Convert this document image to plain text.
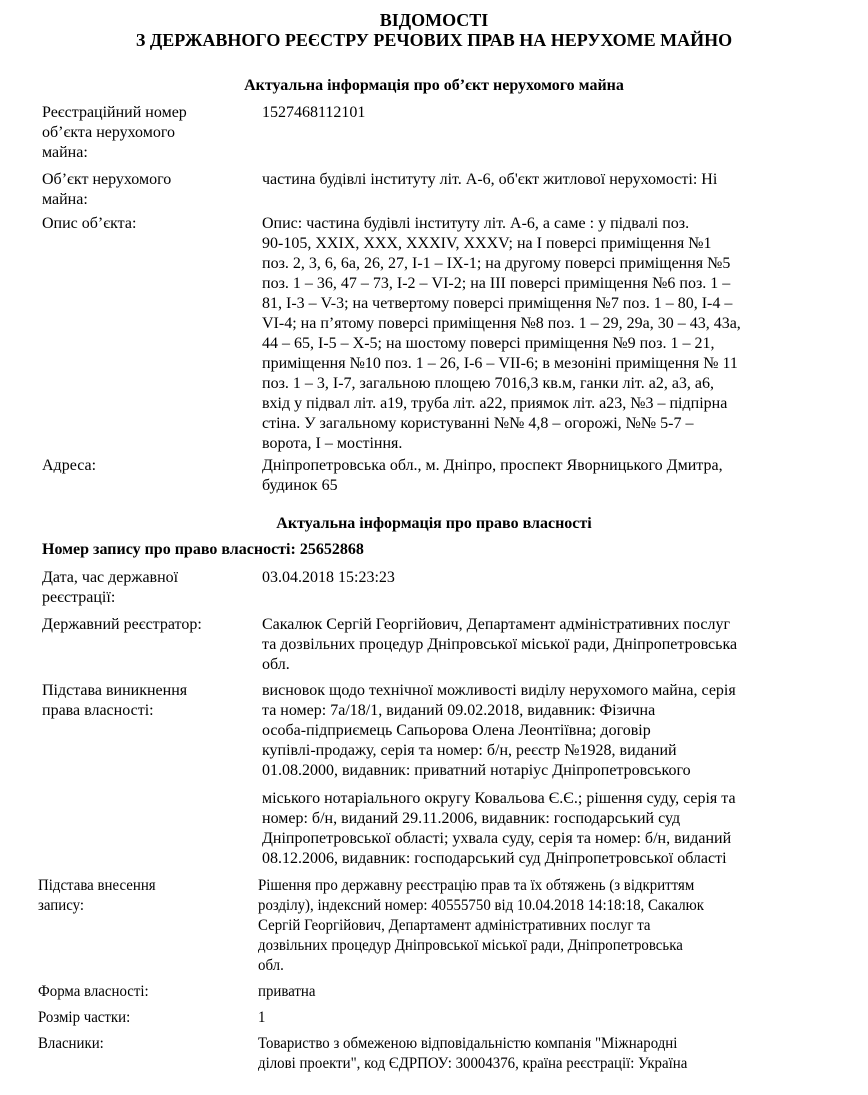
ВІДОМОСТІ
З ДЕРЖАВНОГО РЕЄСТРУ РЕЧОВИХ ПРАВ НА НЕРУХОМЕ МАЙНО
Актуальна інформація про об’єкт нерухомого майна
Реєстраційний номер
об’єкта нерухомого
майна:
1527468112101
Об’єкт нерухомого
майна:
частина будівлі інституту літ. А-6, об'єкт житлової нерухомості: Ні
Опис об’єкта:	Опис: частина будівлі інституту літ. А-6, а саме : у підвалі поз.
90-105, XXIX, XXX, XXXIV, XXXV; на І поверсі приміщення №1
поз. 2, 3, 6, 6а, 26, 27, І-1 – IX-1; на другому поверсі приміщення №5
поз. 1 – 36, 47 – 73, І-2 – VI-2; на ІІІ поверсі приміщення №6 поз. 1 –
81, І-3 – V-3; на четвертому поверсі приміщення №7 поз. 1 – 80, І-4 –
VI-4; на п’ятому поверсі приміщення №8 поз. 1 – 29, 29а, 30 – 43, 43а,
44 – 65, І-5 – X-5; на шостому поверсі приміщення №9 поз. 1 – 21,
приміщення №10 поз. 1 – 26, І-6 – VII-6; в мезоніні приміщення № 11
поз. 1 – 3, І-7, загальною площею 7016,3 кв.м, ганки літ. а2, а3, а6,
вхід у підвал літ. а19, труба літ. а22, приямок літ. а23, №3 – підпірна
стіна. У загальному користуванні №№ 4,8 – огорожі, №№ 5-7 –
ворота, І – мостіння.
Адреса:	Дніпропетровська обл., м. Дніпро, проспект Яворницького Дмитра,
будинок 65
Актуальна інформація про право власності
Номер запису про право власності: 25652868
Дата, час державної
реєстрації:
03.04.2018 15:23:23
Державний реєстратор:	Сакалюк Сергій Георгійович, Департамент адміністративних послуг
та дозвільних процедур Дніпровської міської ради, Дніпропетровська
обл.
Підстава виникнення
права власності:
висновок щодо технічної можливості виділу нерухомого майна, серія
та номер: 7а/18/1, виданий 09.02.2018, видавник: Фізична
особа-підприємець Сапьорова Олена Леонтіївна; договір
купівлі-продажу, серія та номер: б/н, реєстр №1928, виданий
01.08.2000, видавник: приватний нотаріус Дніпропетровського
міського нотаріального округу Ковальова Є.Є.; рішення суду, серія та
номер: б/н, виданий 29.11.2006, видавник: господарський суд
Дніпропетровської області; ухвала суду, серія та номер: б/н, виданий
08.12.2006, видавник: господарський суд Дніпропетровської області
Підстава внесення
запису:
Рішення про державну реєстрацію прав та їх обтяжень (з відкриттям
розділу), індексний номер: 40555750 від 10.04.2018 14:18:18, Сакалюк
Сергій Георгійович, Департамент адміністративних послуг та
дозвільних процедур Дніпровської міської ради, Дніпропетровська
обл.
Форма власності:	приватна
Розмір частки:	1
Власники:	Товариство з обмеженою відповідальністю компанія "Міжнародні
ділові проекти", код ЄДРПОУ: 30004376, країна реєстрації: Україна
